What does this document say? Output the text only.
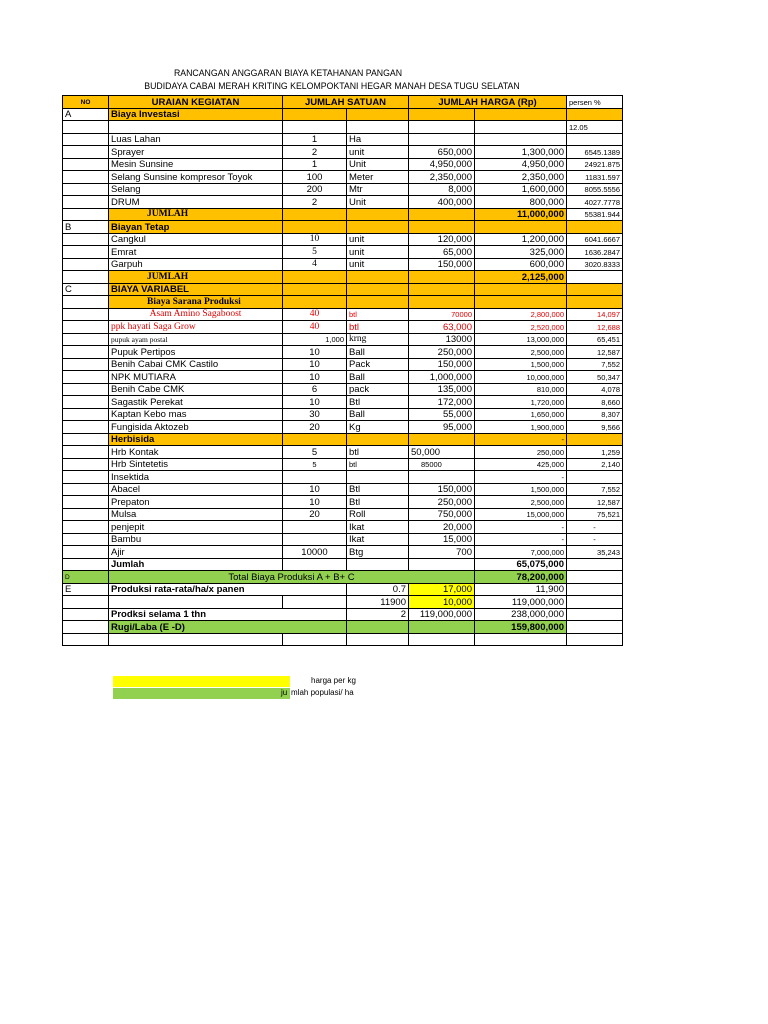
RANCANGAN ANGGARAN BIAYA KETAHANAN PANGAN
BUDIDAYA CABAI MERAH KRITING KELOMPOKTANI HEGAR MANAH DESA TUGU SELATAN
NO	URAIAN KEGIATAN	JUMLAH SATUAN		JUMLAH HARGA (Rp)		persen %
A	Biaya Investasi					
						12.05
	Luas Lahan	1	Ha			
	Sprayer	2	unit	650,000	1,300,000	6545.1389
	Mesin Sunsine	1	Unit	4,950,000	4,950,000	24921.875
	Selang Sunsine kompresor Toyok	100	Meter	2,350,000	2,350,000	11831.597
	Selang	200	Mtr	8,000	1,600,000	8055.5556
	DRUM	2	Unit	400,000	800,000	4027.7778
	JUMLAH				11,000,000	55381.944
B	Biayan Tetap					
	Cangkul	10	unit	120,000	1,200,000	6041.6667
	Emrat	5	unit	65,000	325,000	1636.2847
	Garpuh	4	unit	150,000	600,000	3020.8333
	JUMLAH				2,125,000	
C	BIAYA VARIABEL					
	Biaya Sarana Produksi					
	Asam Amino Sagaboost	40	btl	70000	2,800,000	14,097
	ppk hayati Saga Grow	40	btl	63,000	2,520,000	12,688
	pupuk ayam postal	1,000	krng	13000	13,000,000	65,451
	Pupuk Pertipos	10	Ball	250,000	2,500,000	12,587
	Benih Cabai CMK Castilo	10	Pack	150,000	1,500,000	7,552
	NPK MUTIARA	10	Ball	1,000,000	10,000,000	50,347
	Benih Cabe CMK	6	pack	135,000	810,000	4,078
	Sagastik Perekat	10	Btl	172,000	1,720,000	8,660
	Kaptan Kebo mas	30	Ball	55,000	1,650,000	8,307
	Fungisida Aktozeb	20	Kg	95,000	1,900,000	9,566
	Herbisida				-	
	Hrb Kontak	5	btl	50,000	250,000	1,259
	Hrb Sintetetis	5	btl	85000	425,000	2,140
	Insektida				-	
	Abacel	10	Btl	150,000	1,500,000	7,552
	Prepaton	10	Btl	250,000	2,500,000	12,587
	Mulsa	20	Roll	750,000	15,000,000	75,521
	penjepit		Ikat	20,000	-	-
	Bambu		Ikat	15,000	-	-
	Ajir	10000	Btg	700	7,000,000	35,243
	Jumlah				65,075,000	
D	Total Biaya Produksi A + B+ C				78,200,000	
E	Produksi rata-rata/ha/x panen		0.7	17,000	11,900	
			11900	10,000	119,000,000	
	Prodksi selama 1 thn		2	119,000,000	238,000,000	
	Rugi/Laba (E -D)				159,800,000	

harga per kg
ju mlah populasi/ ha
